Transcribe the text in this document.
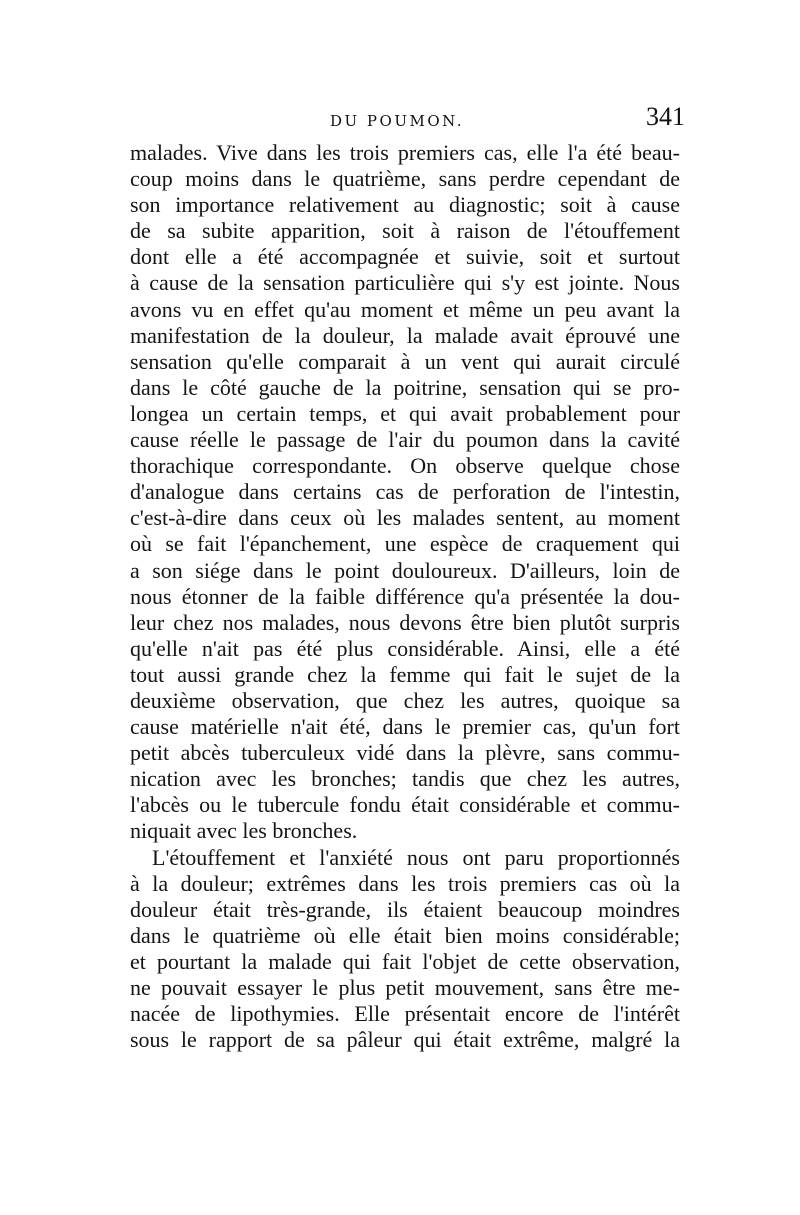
DU POUMON.	341
malades. Vive dans les trois premiers cas, elle l'a été beau-
coup moins dans le quatrième, sans perdre cependant de
son importance relativement au diagnostic; soit à cause
de sa subite apparition, soit à raison de l'étouffement
dont elle a été accompagnée et suivie, soit et surtout
à cause de la sensation particulière qui s'y est jointe. Nous
avons vu en effet qu'au moment et même un peu avant la
manifestation de la douleur, la malade avait éprouvé une
sensation qu'elle comparait à un vent qui aurait circulé
dans le côté gauche de la poitrine, sensation qui se pro-
longea un certain temps, et qui avait probablement pour
cause réelle le passage de l'air du poumon dans la cavité
thorachique correspondante. On observe quelque chose
d'analogue dans certains cas de perforation de l'intestin,
c'est-à-dire dans ceux où les malades sentent, au moment
où se fait l'épanchement, une espèce de craquement qui
a son siége dans le point douloureux. D'ailleurs, loin de
nous étonner de la faible différence qu'a présentée la dou-
leur chez nos malades, nous devons être bien plutôt surpris
qu'elle n'ait pas été plus considérable. Ainsi, elle a été
tout aussi grande chez la femme qui fait le sujet de la
deuxième observation, que chez les autres, quoique sa
cause matérielle n'ait été, dans le premier cas, qu'un fort
petit abcès tuberculeux vidé dans la plèvre, sans commu-
nication avec les bronches; tandis que chez les autres,
l'abcès ou le tubercule fondu était considérable et commu-
niquait avec les bronches.
L'étouffement et l'anxiété nous ont paru proportionnés
à la douleur; extrêmes dans les trois premiers cas où la
douleur était très-grande, ils étaient beaucoup moindres
dans le quatrième où elle était bien moins considérable;
et pourtant la malade qui fait l'objet de cette observation,
ne pouvait essayer le plus petit mouvement, sans être me-
nacée de lipothymies. Elle présentait encore de l'intérêt
sous le rapport de sa pâleur qui était extrême, malgré la
